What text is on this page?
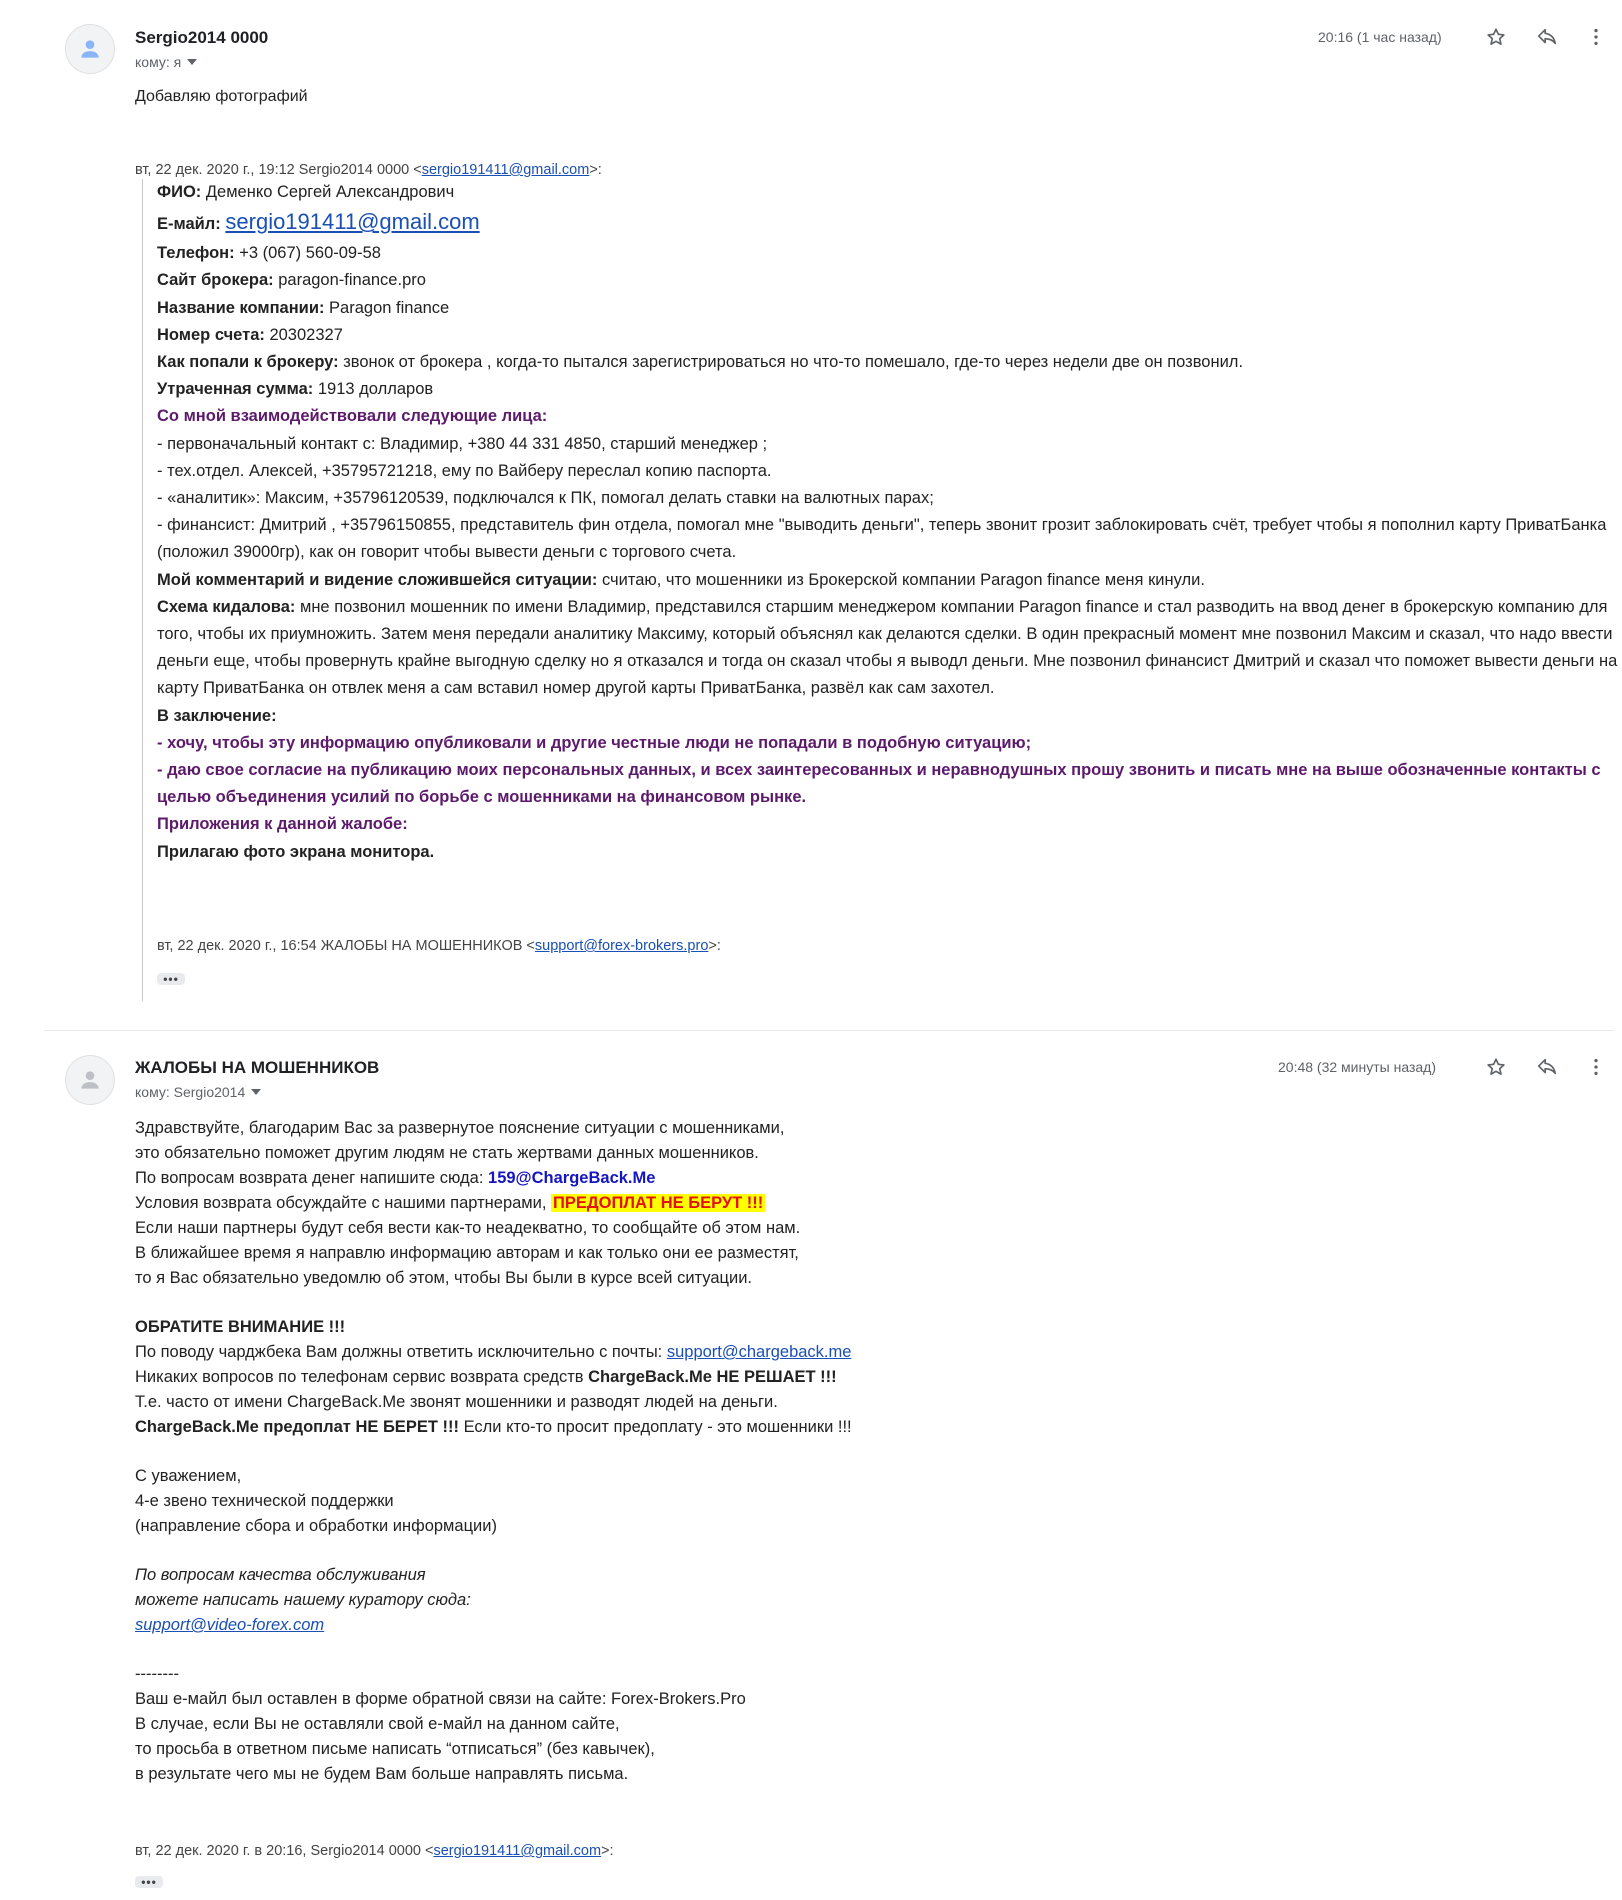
Sergio2014 0000
кому: я
20:16 (1 час назад)
Добавляю фотографий
вт, 22 дек. 2020 г., 19:12 Sergio2014 0000 <sergio191411@gmail.com>:

ФИО: Деменко Сергей Александрович

Е-майл: sergio191411@gmail.com

Телефон: +3 (067) 560-09-58

Сайт брокера: paragon-finance.pro

Название компании: Paragon finance

Номер счета: 20302327

Как попали к брокеру: звонок от брокера , когда-то пытался зарегистрироваться но что-то помешало, где-то через недели две он позвонил.

Утраченная сумма: 1913 долларов

Со мной взаимодействовали следующие лица:

- первоначальный контакт с: Владимир, +380 44 331 4850, старший менеджер ;

- тех.отдел. Алексей, +35795721218, ему по Вайберу переслал копию паспорта.

- «аналитик»: Максим, +35796120539, подключался к ПК, помогал делать ставки на валютных парах;

- финансист: Дмитрий , +35796150855, представитель фин отдела, помогал мне "выводить деньги", теперь звонит грозит заблокировать счёт, требует чтобы я пополнил карту ПриватБанка (положил 39000гр), как он говорит чтобы вывести деньги с торгового счета.

Мой комментарий и видение сложившейся ситуации: считаю, что мошенники из Брокерской компании Paragon finance меня кинули.

Схема кидалова: мне позвонил мошенник по имени Владимир, представился старшим менеджером компании Paragon finance и стал разводить на ввод денег в брокерскую компанию для того, чтобы их приумножить. Затем меня передали аналитику Максиму, который объяснял как делаются сделки. В один прекрасный момент мне позвонил Максим и сказал, что надо ввести деньги еще, чтобы провернуть крайне выгодную сделку но я отказался и тогда он сказал чтобы я выводл деньги. Мне позвонил финансист Дмитрий и сказал что поможет вывести деньги на карту ПриватБанка он отвлек меня а сам вставил номер другой карты ПриватБанка, развёл как сам захотел.

В заключение:

- хочу, чтобы эту информацию опубликовали и другие честные люди не попадали в подобную ситуацию;

- даю свое согласие на публикацию моих персональных данных, и всех заинтересованных и неравнодушных прошу звонить и писать мне на выше обозначенные контакты с целью объединения усилий по борьбе с мошенниками на финансовом рынке.

Приложения к данной жалобе:

Прилагаю фото экрана монитора.

вт, 22 дек. 2020 г., 16:54 ЖАЛОБЫ НА МОШЕННИКОВ <support@forex-brokers.pro>:
•••
ЖАЛОБЫ НА МОШЕННИКОВ
кому: Sergio2014
20:48 (32 минуты назад)

Здравствуйте, благодарим Вас за развернутое пояснение ситуации с мошенниками,

это обязательно поможет другим людям не стать жертвами данных мошенников.

По вопросам возврата денег напишите сюда: 159@ChargeBack.Me

Условия возврата обсуждайте с нашими партнерами, ПРЕДОПЛАТ НЕ БЕРУТ !!!

Если наши партнеры будут себя вести как-то неадекватно, то сообщайте об этом нам.

В ближайшее время я направлю информацию авторам и как только они ее разместят,

то я Вас обязательно уведомлю об этом, чтобы Вы были в курсе всей ситуации.

ОБРАТИТЕ ВНИМАНИЕ !!!

По поводу чарджбека Вам должны ответить исключительно с почты: support@chargeback.me

Никаких вопросов по телефонам сервис возврата средств ChargeBack.Me НЕ РЕШАЕТ !!!

Т.е. часто от имени ChargeBack.Me звонят мошенники и разводят людей на деньги.

ChargeBack.Me предоплат НЕ БЕРЕТ !!! Если кто-то просит предоплату - это мошенники !!!

С уважением,

4-е звено технической поддержки

(направление сбора и обработки информации)

По вопросам качества обслуживания

можете написать нашему куратору сюда:

support@video-forex.com

--------

Ваш е-майл был оставлен в форме обратной связи на сайте: Forex-Brokers.Pro

В случае, если Вы не оставляли свой е-майл на данном сайте,

то просьба в ответном письме написать “отписаться” (без кавычек),

в результате чего мы не будем Вам больше направлять письма.

вт, 22 дек. 2020 г. в 20:16, Sergio2014 0000 <sergio191411@gmail.com>:
•••
